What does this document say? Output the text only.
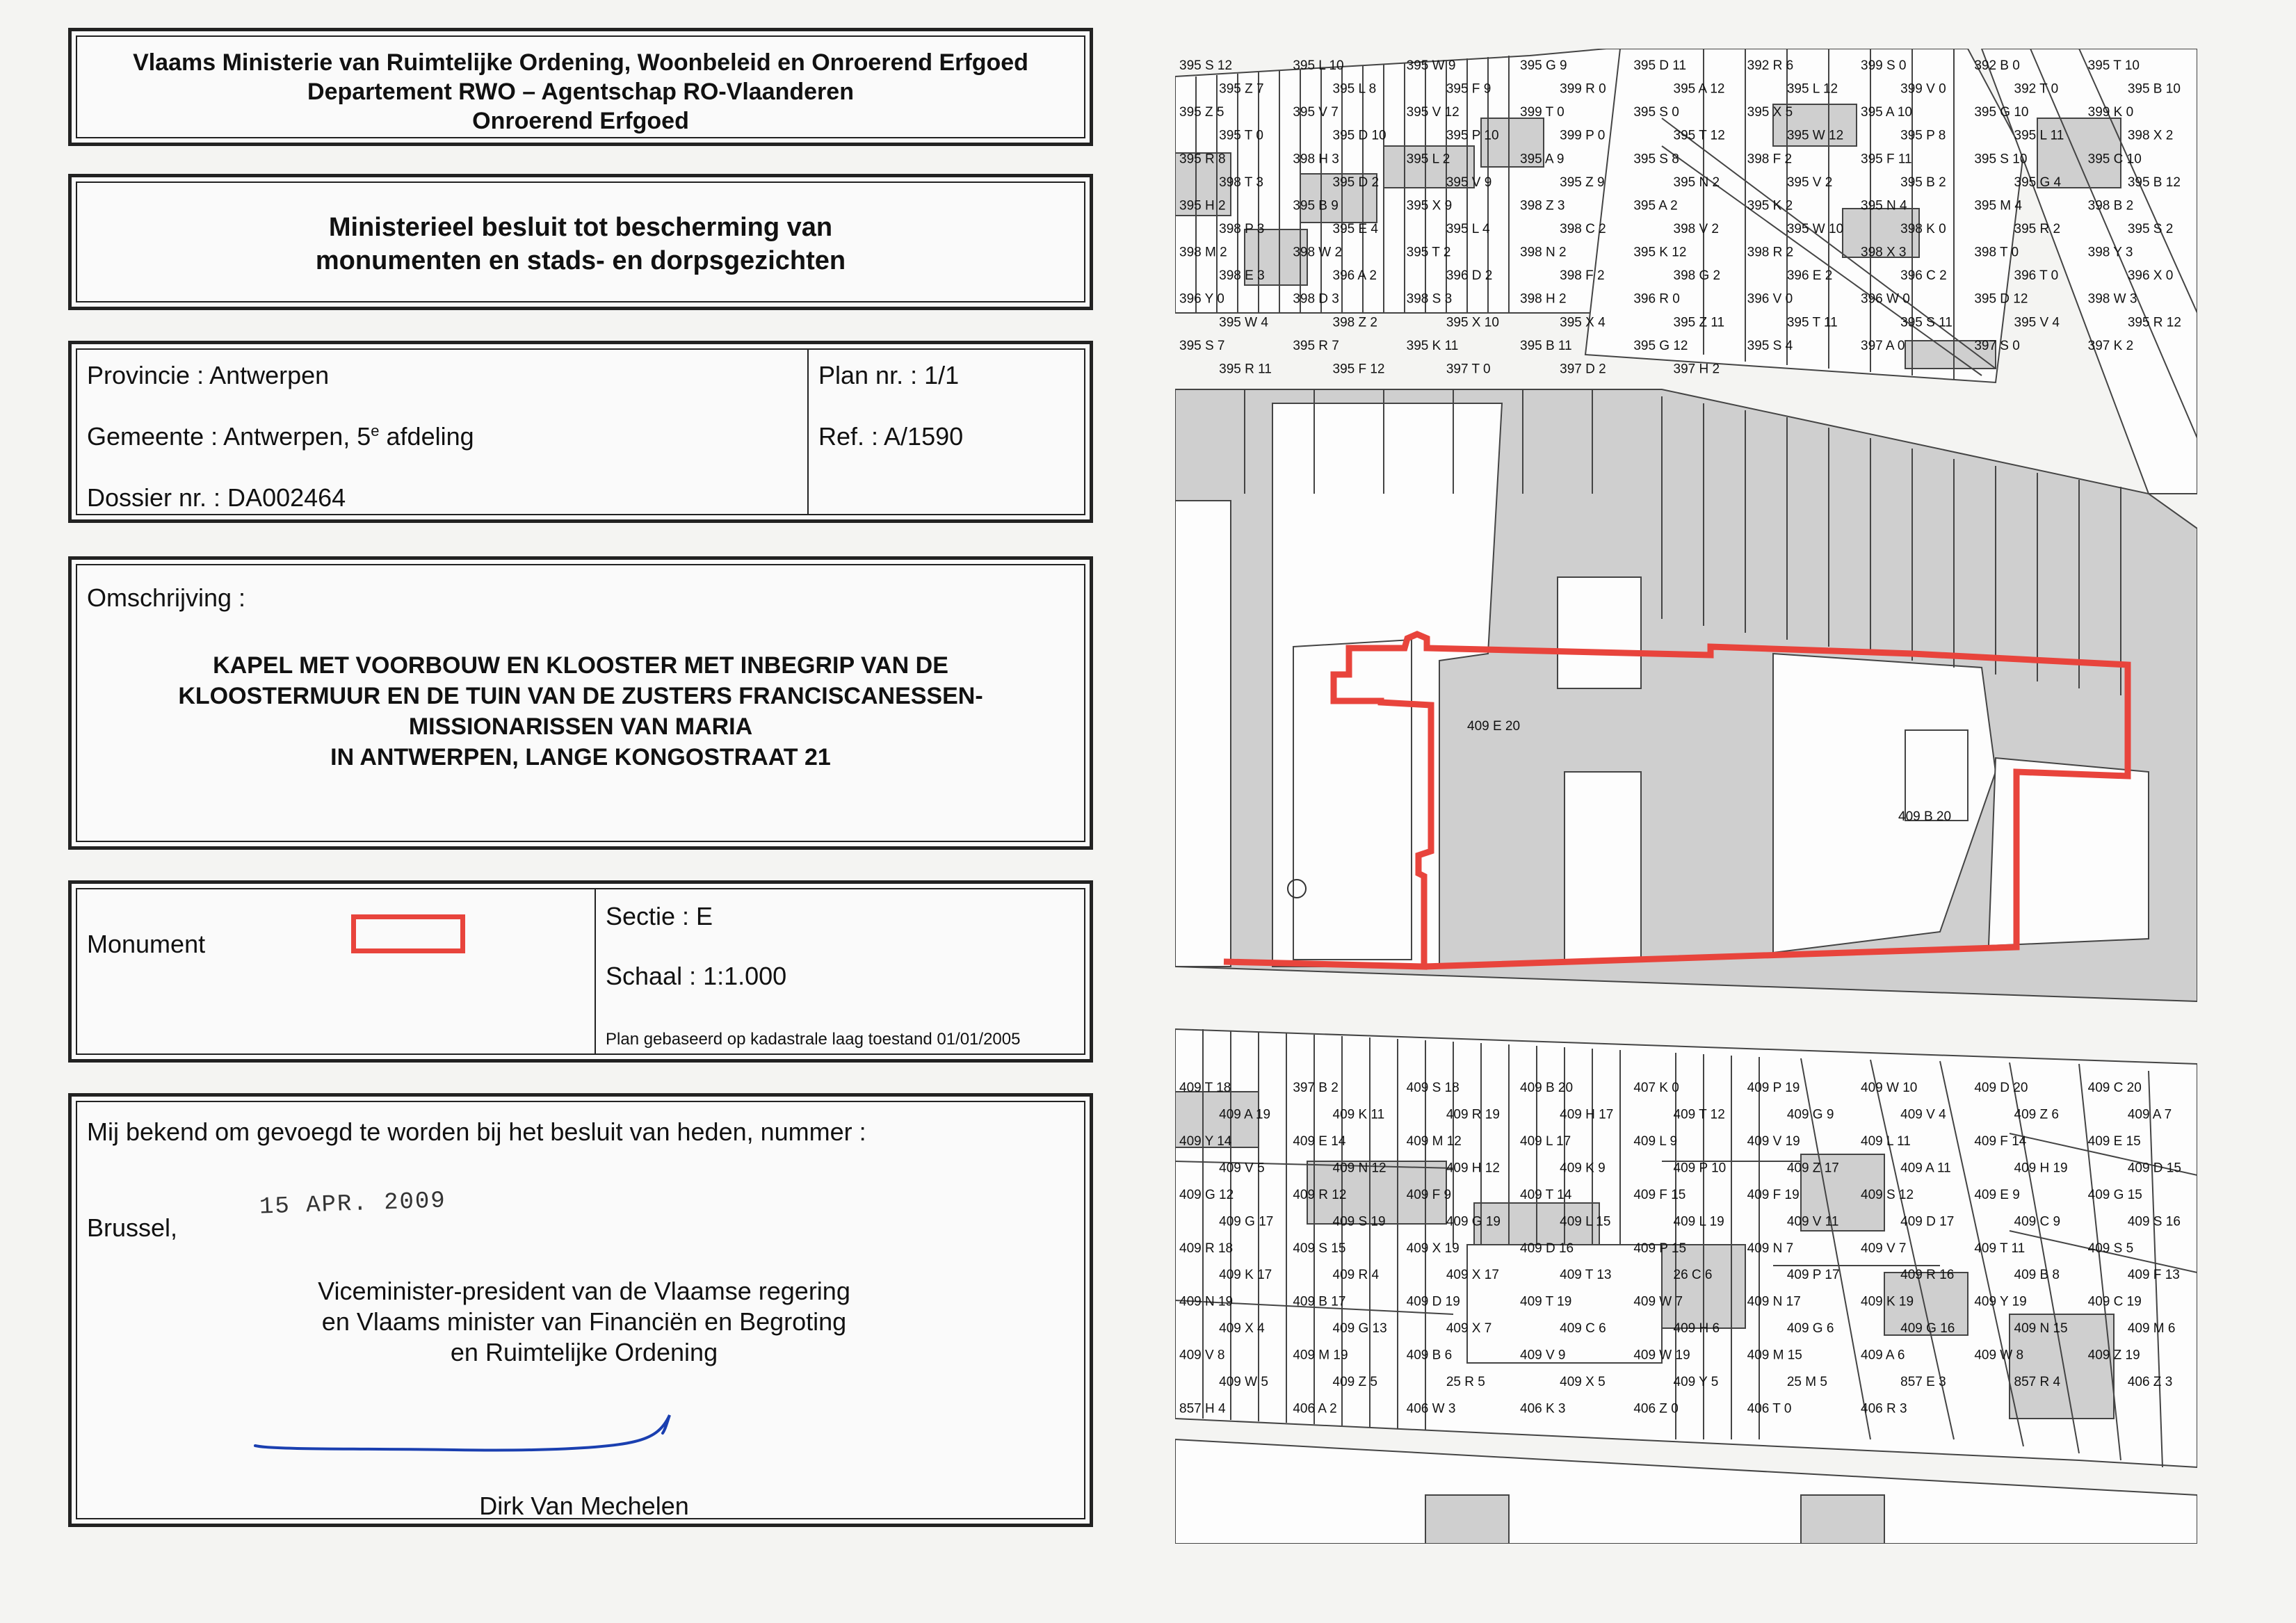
Vlaams Ministerie van Ruimtelijke Ordening, Woonbeleid en Onroerend Erfgoed
Departement RWO – Agentschap RO-Vlaanderen
Onroerend Erfgoed
Ministerieel besluit tot bescherming van
monumenten en stads- en dorpsgezichten
Provincie : Antwerpen
Gemeente : Antwerpen, 5e afdeling
Dossier nr. : DA002464
Plan nr. : 1/1
Ref. : A/1590
Omschrijving :
KAPEL MET VOORBOUW EN KLOOSTER MET INBEGRIP VAN DE
KLOOSTERMUUR EN DE TUIN VAN DE ZUSTERS FRANCISCANESSEN-
MISSIONARISSEN VAN MARIA
IN ANTWERPEN, LANGE KONGOSTRAAT 21
Monument
Sectie : E
Schaal : 1:1.000
Plan gebaseerd op kadastrale laag toestand 01/01/2005
Mij bekend om gevoegd te worden bij het besluit van heden, nummer :
Brussel,
15 APR. 2009
Viceminister-president van de Vlaamse regering
en Vlaams minister van Financiën en Begroting
en Ruimtelijke Ordening
Dirk Van Mechelen
395 S 12	395 L 10	395 W 9	395 G 9	395 D 11	392 R 6	399 S 0	392 B 0	395 T 10
395 Z 7	395 L 8	395 F 9	399 R 0	395 A 12	395 L 12	399 V 0	392 T 0	395 B 10
395 Z 5	395 V 7	395 V 12	399 T 0	395 S 0	395 X 5	395 A 10	395 G 10	399 K 0
395 T 0	395 D 10	395 P 10	399 P 0	395 T 12	395 W 12	395 P 8	395 L 11	398 X 2
395 R 8	398 H 3	395 L 2	395 A 9	395 S 8	398 F 2	395 F 11	395 S 10	395 C 10
398 T 3	395 D 2	395 V 9	395 Z 9	395 N 2	395 V 2	395 B 2	395 G 4	395 B 12
395 H 2	395 B 9	395 X 9	398 Z 3	395 A 2	395 K 2	395 N 4	395 M 4	398 B 2
398 P 3	395 E 4	395 L 4	398 C 2	398 V 2	395 W 10	398 K 0	395 R 2	395 S 2
398 M 2	398 W 2	395 T 2	398 N 2	395 K 12	398 R 2	398 X 3	398 T 0	398 Y 3
398 E 3	396 A 2	396 D 2	398 F 2	398 G 2	396 E 2	396 C 2	396 T 0	396 X 0
396 Y 0	398 D 3	398 S 3	398 H 2	396 R 0	396 V 0	396 W 0	395 D 12	398 W 3
395 W 4	398 Z 2	395 X 10	395 X 4	395 Z 11	395 T 11	395 S 11	395 V 4	395 R 12
395 S 7	395 R 7	395 K 11	395 B 11	395 G 12	395 S 4	397 A 0	397 S 0	397 K 2
395 R 11	395 F 12	397 T 0	397 D 2	397 H 2
409 T 18	397 B 2	409 S 18	409 B 20	407 K 0	409 P 19	409 W 10	409 D 20	409 C 20
409 A 19	409 K 11	409 R 19	409 H 17	409 T 12	409 G 9	409 V 4	409 Z 6	409 A 7
409 Y 14	409 E 14	409 M 12	409 L 17	409 L 9	409 V 19	409 L 11	409 F 14	409 E 15
409 V 5	409 N 12	409 H 12	409 K 9	409 P 10	409 Z 17	409 A 11	409 H 19	409 D 15
409 G 12	409 R 12	409 F 9	409 T 14	409 F 15	409 F 19	409 S 12	409 E 9	409 G 15
409 G 17	409 S 19	409 G 19	409 L 15	409 L 19	409 V 11	409 D 17	409 C 9	409 S 16
409 R 18	409 S 15	409 X 19	409 D 16	409 P 15	409 N 7	409 V 7	409 T 11	409 S 5
409 K 17	409 R 4	409 X 17	409 T 13	26 C 6	409 P 17	409 R 16	409 B 8	409 F 13
409 N 19	409 B 17	409 D 19	409 T 19	409 W 7	409 N 17	409 K 19	409 Y 19	409 C 19
409 X 4	409 G 13	409 X 7	409 C 6	409 H 6	409 G 6	409 G 16	409 N 15	409 M 6
409 V 8	409 M 19	409 B 6	409 V 9	409 W 19	409 M 15	409 A 6	409 W 8	409 Z 19
409 W 5	409 Z 5	25 R 5	409 X 5	409 Y 5	25 M 5	857 E 3	857 R 4	406 Z 3
857 H 4	406 A 2	406 W 3	406 K 3	406 Z 0	406 T 0	406 R 3
409 E 20
409 B 20
